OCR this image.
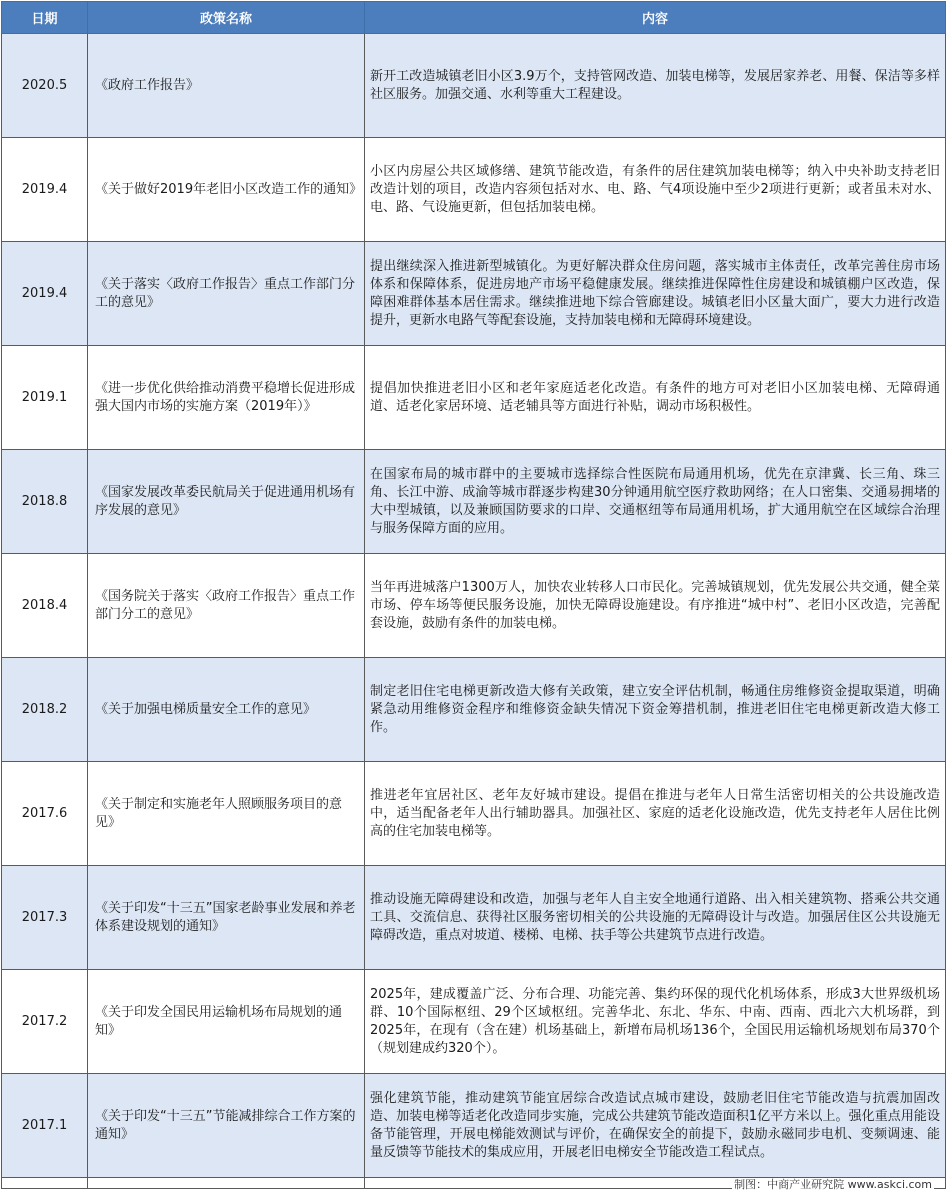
日期	政策名称	内容
2020.5	《政府工作报告》	新开工改造城镇老旧小区3.9万个，支持管网改造、加装电梯等，发展居家养老、用餐、保洁等多样社区服务。加强交通、水利等重大工程建设。
2019.4	《关于做好2019年老旧小区改造工作的通知》	小区内房屋公共区域修缮、建筑节能改造，有条件的居住建筑加装电梯等；纳入中央补助支持老旧改造计划的项目，改造内容须包括对水、电、路、气4项设施中至少2项进行更新；或者虽未对水、电、路、气设施更新，但包括加装电梯。
2019.4	《关于落实〈政府工作报告〉重点工作部门分工的意见》	提出继续深入推进新型城镇化。为更好解决群众住房问题，落实城市主体责任，改革完善住房市场体系和保障体系，促进房地产市场平稳健康发展。继续推进保障性住房建设和城镇棚户区改造，保障困难群体基本居住需求。继续推进地下综合管廊建设。城镇老旧小区量大面广，要大力进行改造提升，更新水电路气等配套设施，支持加装电梯和无障碍环境建设。
2019.1	《进一步优化供给推动消费平稳增长促进形成强大国内市场的实施方案（2019年）》	提倡加快推进老旧小区和老年家庭适老化改造。有条件的地方可对老旧小区加装电梯、无障碍通道、适老化家居环境、适老辅具等方面进行补贴，调动市场积极性。
2018.8	《国家发展改革委民航局关于促进通用机场有序发展的意见》	在国家布局的城市群中的主要城市选择综合性医院布局通用机场，优先在京津冀、长三角、珠三角、长江中游、成渝等城市群逐步构建30分钟通用航空医疗救助网络；在人口密集、交通易拥堵的大中型城镇，以及兼顾国防要求的口岸、交通枢纽等布局通用机场，扩大通用航空在区域综合治理与服务保障方面的应用。
2018.4	《国务院关于落实〈政府工作报告〉重点工作部门分工的意见》	当年再进城落户1300万人，加快农业转移人口市民化。完善城镇规划，优先发展公共交通，健全菜市场、停车场等便民服务设施，加快无障碍设施建设。有序推进“城中村”、老旧小区改造，完善配套设施，鼓励有条件的加装电梯。
2018.2	《关于加强电梯质量安全工作的意见》	制定老旧住宅电梯更新改造大修有关政策，建立安全评估机制，畅通住房维修资金提取渠道，明确紧急动用维修资金程序和维修资金缺失情况下资金筹措机制，推进老旧住宅电梯更新改造大修工作。
2017.6	《关于制定和实施老年人照顾服务项目的意见》	推进老年宜居社区、老年友好城市建设。提倡在推进与老年人日常生活密切相关的公共设施改造中，适当配备老年人出行辅助器具。加强社区、家庭的适老化设施改造，优先支持老年人居住比例高的住宅加装电梯等。
2017.3	《关于印发“十三五”国家老龄事业发展和养老体系建设规划的通知》	推动设施无障碍建设和改造，加强与老年人自主安全地通行道路、出入相关建筑物、搭乘公共交通工具、交流信息、获得社区服务密切相关的公共设施的无障碍设计与改造。加强居住区公共设施无障碍改造，重点对坡道、楼梯、电梯、扶手等公共建筑节点进行改造。
2017.2	《关于印发全国民用运输机场布局规划的通知》	2025年，建成覆盖广泛、分布合理、功能完善、集约环保的现代化机场体系，形成3大世界级机场群、10个国际枢纽、29个区域枢纽。完善华北、东北、华东、中南、西南、西北六大机场群，到2025年，在现有（含在建）机场基础上，新增布局机场136个，全国民用运输机场规划布局370个（规划建成约320个）。
2017.1	《关于印发“十三五”节能减排综合工作方案的通知》	强化建筑节能，推动建筑节能宜居综合改造试点城市建设，鼓励老旧住宅节能改造与抗震加固改造、加装电梯等适老化改造同步实施，完成公共建筑节能改造面积1亿平方米以上。强化重点用能设备节能管理，开展电梯能效测试与评价，在确保安全的前提下，鼓励永磁同步电机、变频调速、能量反馈等节能技术的集成应用，开展老旧电梯安全节能改造工程试点。

制图：中商产业研究院 www.askci.com
